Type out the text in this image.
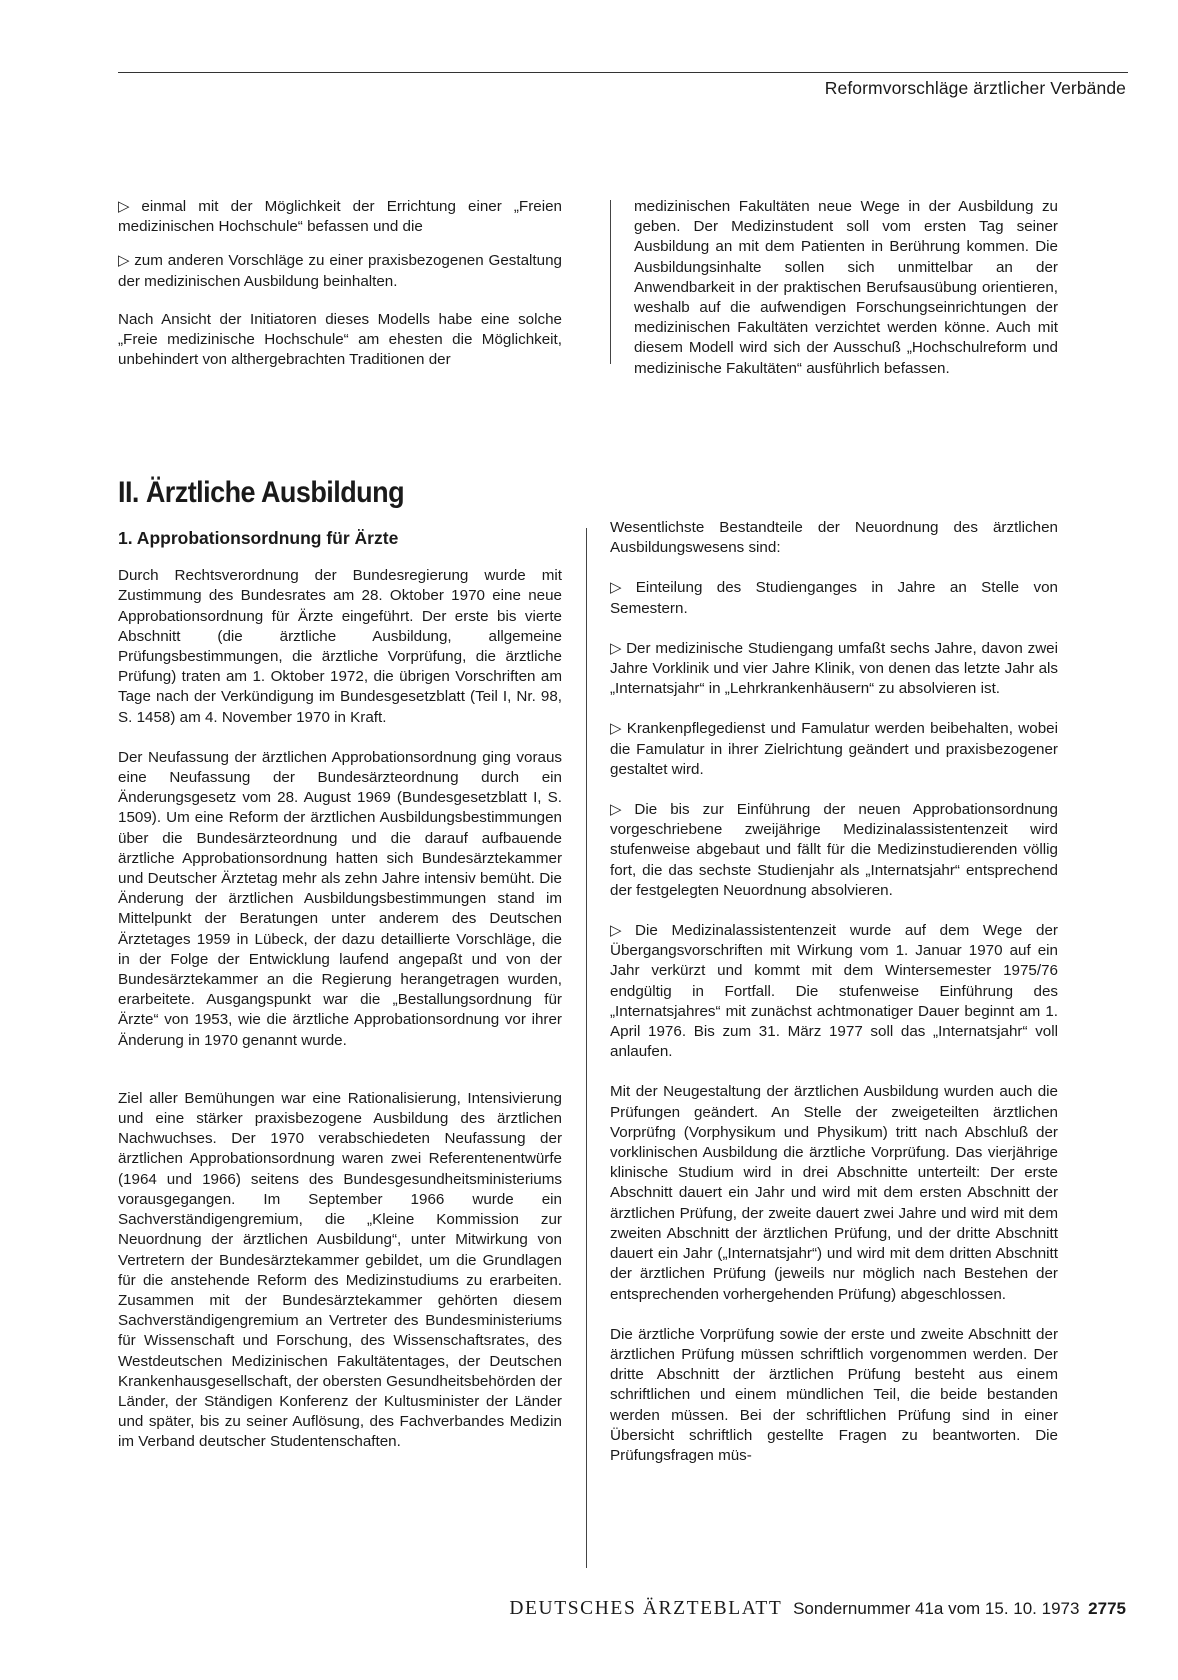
Reformvorschläge ärztlicher Verbände

▷ einmal mit der Möglichkeit der Errichtung einer „Freien medizinischen Hochschule“ befassen und die

▷ zum anderen Vorschläge zu einer praxisbezogenen Gestaltung der medizinischen Ausbildung beinhalten.

Nach Ansicht der Initiatoren dieses Modells habe eine solche „Freie medizinische Hochschule“ am ehesten die Möglichkeit, unbehindert von althergebrachten Traditionen der

medizinischen Fakultäten neue Wege in der Ausbildung zu geben. Der Medizinstudent soll vom ersten Tag seiner Ausbildung an mit dem Patienten in Berührung kommen. Die Ausbildungsinhalte sollen sich unmittelbar an der Anwendbarkeit in der praktischen Berufsausübung orientieren, weshalb auf die aufwendigen Forschungseinrichtungen der medizinischen Fakultäten verzichtet werden könne. Auch mit diesem Modell wird sich der Ausschuß „Hochschulreform und medizinische Fakultäten“ ausführlich befassen.

II. Ärztliche Ausbildung
1. Approbationsordnung für Ärzte

Durch Rechtsverordnung der Bundesregierung wurde mit Zustimmung des Bundesrates am 28. Oktober 1970 eine neue Approbationsordnung für Ärzte eingeführt. Der erste bis vierte Abschnitt (die ärztliche Ausbildung, allgemeine Prüfungsbestimmungen, die ärztliche Vorprüfung, die ärztliche Prüfung) traten am 1. Oktober 1972, die übrigen Vorschriften am Tage nach der Verkündigung im Bundesgesetzblatt (Teil I, Nr. 98, S. 1458) am 4. November 1970 in Kraft.

Der Neufassung der ärztlichen Approbationsordnung ging voraus eine Neufassung der Bundesärzteordnung durch ein Änderungsgesetz vom 28. August 1969 (Bundesgesetzblatt I, S. 1509). Um eine Reform der ärztlichen Ausbildungsbestimmungen über die Bundesärzteordnung und die darauf aufbauende ärztliche Approbationsordnung hatten sich Bundesärztekammer und Deutscher Ärztetag mehr als zehn Jahre intensiv bemüht. Die Änderung der ärztlichen Ausbildungsbestimmungen stand im Mittelpunkt der Beratungen unter anderem des Deutschen Ärztetages 1959 in Lübeck, der dazu detaillierte Vorschläge, die in der Folge der Entwicklung laufend angepaßt und von der Bundesärztekammer an die Regierung herangetragen wurden, erarbeitete. Ausgangspunkt war die „Bestallungsordnung für Ärzte“ von 1953, wie die ärztliche Approbationsordnung vor ihrer Änderung in 1970 genannt wurde.

Ziel aller Bemühungen war eine Rationalisierung, Intensivierung und eine stärker praxisbezogene Ausbildung des ärztlichen Nachwuchses. Der 1970 verabschiedeten Neufassung der ärztlichen Approbationsordnung waren zwei Referentenentwürfe (1964 und 1966) seitens des Bundesgesundheitsministeriums vorausgegangen. Im September 1966 wurde ein Sachverständigengremium, die „Kleine Kommission zur Neuordnung der ärztlichen Ausbildung“, unter Mitwirkung von Vertretern der Bundesärztekammer gebildet, um die Grundlagen für die anstehende Reform des Medizinstudiums zu erarbeiten. Zusammen mit der Bundesärztekammer gehörten diesem Sachverständigengremium an Vertreter des Bundesministeriums für Wissenschaft und Forschung, des Wissenschaftsrates, des Westdeutschen Medizinischen Fakultätentages, der Deutschen Krankenhausgesellschaft, der obersten Gesundheitsbehörden der Länder, der Ständigen Konferenz der Kultusminister der Länder und später, bis zu seiner Auflösung, des Fachverbandes Medizin im Verband deutscher Studentenschaften.

Wesentlichste Bestandteile der Neuordnung des ärztlichen Ausbildungswesens sind:

▷ Einteilung des Studienganges in Jahre an Stelle von Semestern.

▷ Der medizinische Studiengang umfaßt sechs Jahre, davon zwei Jahre Vorklinik und vier Jahre Klinik, von denen das letzte Jahr als „Internatsjahr“ in „Lehrkrankenhäusern“ zu absolvieren ist.

▷ Krankenpflegedienst und Famulatur werden beibehalten, wobei die Famulatur in ihrer Zielrichtung geändert und praxisbezogener gestaltet wird.

▷ Die bis zur Einführung der neuen Approbationsordnung vorgeschriebene zweijährige Medizinalassistentenzeit wird stufenweise abgebaut und fällt für die Medizinstudierenden völlig fort, die das sechste Studienjahr als „Internatsjahr“ entsprechend der festgelegten Neuordnung absolvieren.

▷ Die Medizinalassistentenzeit wurde auf dem Wege der Übergangsvorschriften mit Wirkung vom 1. Januar 1970 auf ein Jahr verkürzt und kommt mit dem Wintersemester 1975/76 endgültig in Fortfall. Die stufenweise Einführung des „Internatsjahres“ mit zunächst achtmonatiger Dauer beginnt am 1. April 1976. Bis zum 31. März 1977 soll das „Internatsjahr“ voll anlaufen.

Mit der Neugestaltung der ärztlichen Ausbildung wurden auch die Prüfungen geändert. An Stelle der zweigeteilten ärztlichen Vorprüfng (Vorphysikum und Physikum) tritt nach Abschluß der vorklinischen Ausbildung die ärztliche Vorprüfung. Das vierjährige klinische Studium wird in drei Abschnitte unterteilt: Der erste Abschnitt dauert ein Jahr und wird mit dem ersten Abschnitt der ärztlichen Prüfung, der zweite dauert zwei Jahre und wird mit dem zweiten Abschnitt der ärztlichen Prüfung, und der dritte Abschnitt dauert ein Jahr („Internatsjahr“) und wird mit dem dritten Abschnitt der ärztlichen Prüfung (jeweils nur möglich nach Bestehen der entsprechenden vorhergehenden Prüfung) abgeschlossen.

Die ärztliche Vorprüfung sowie der erste und zweite Abschnitt der ärztlichen Prüfung müssen schriftlich vorgenommen werden. Der dritte Abschnitt der ärztlichen Prüfung besteht aus einem schriftlichen und einem mündlichen Teil, die beide bestanden werden müssen. Bei der schriftlichen Prüfung sind in einer Übersicht schriftlich gestellte Fragen zu beantworten. Die Prüfungsfragen müs-

DEUTSCHES ÄRZTEBLATT Sondernummer 41a vom 15. 10. 1973 2775
